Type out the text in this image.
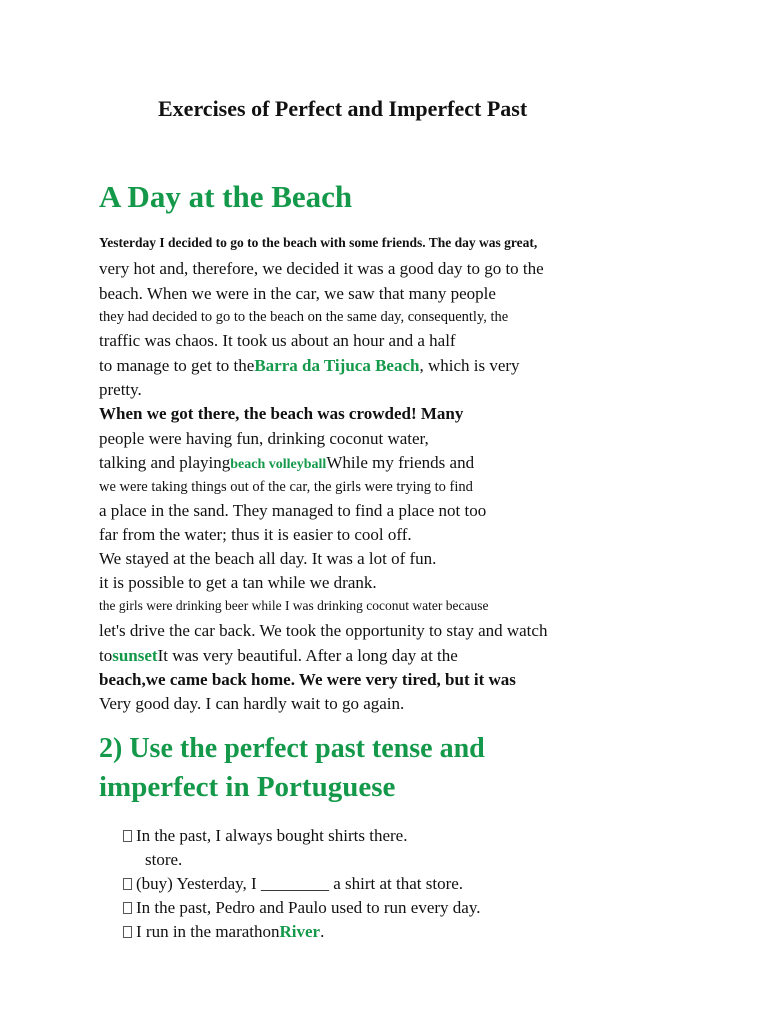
Exercises of Perfect and Imperfect Past
A Day at the Beach
Yesterday I decided to go to the beach with some friends. The day was great,
very hot and, therefore, we decided it was a good day to go to the
beach. When we were in the car, we saw that many people
they had decided to go to the beach on the same day, consequently, the
traffic was chaos. It took us about an hour and a half
to manage to get to theBarra da Tijuca Beach, which is very
pretty.
When we got there, the beach was crowded! Many
people were having fun, drinking coconut water,
talking and playingbeach volleyballWhile my friends and
we were taking things out of the car, the girls were trying to find
a place in the sand. They managed to find a place not too
far from the water; thus it is easier to cool off.
We stayed at the beach all day. It was a lot of fun.
it is possible to get a tan while we drank.
the girls were drinking beer while I was drinking coconut water because
let's drive the car back. We took the opportunity to stay and watch
tosunsetIt was very beautiful. After a long day at the
beach,we came back home. We were very tired, but it was
Very good day. I can hardly wait to go again.
2) Use the perfect past tense and
imperfect in Portuguese
In the past, I always bought shirts there.
store.
(buy) Yesterday, I ________ a shirt at that store.
In the past, Pedro and Paulo used to run every day.
I run in the marathonRiver.
